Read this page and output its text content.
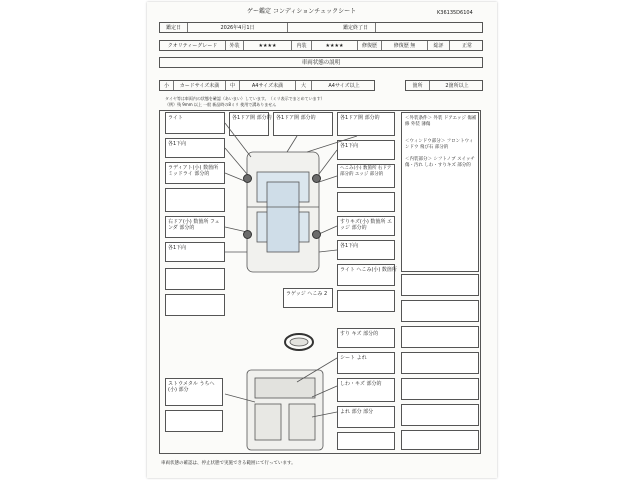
ゲー鑑定 コンディションチェックシート	K36135D6104
鑑定日	2026年4月1日	鑑定終了日
クオリティーグレード	外装	★★★★	内装	★★★★	修復歴	修復歴 無	総評	正常
車両状態の説明
小	カードサイズ未満	中	A4サイズ未満	大	A4サイズ以上	箇所	2箇所以上
タイヤ等は車両内の状態を確認（あいまい）しています。（ミリ表示でまとめています）
（例）残 9mm 以上 一般 新品時の8ミリ 使用で溝ありません
ライト
各1下向
ラディアト(小) 数箇所 ミッドライ 部分的
右ドア(小) 数箇所 フェンダ 部分的
各1下向
各1ドア開 部分的 各1ドア開 部分的	各1ドア開 部分的
各1下向
へこみ(小) 数箇所 右ドア 部分的 エッジ 部分的
すりキズ(小) 数箇所 エッジ 部分的
各1下向
ライト へこみ(小) 数箇所
ラゲッジ へこみ 2
＜外装条件＞ 外装 ドアエッジ 傷補修 外装 薄傷
＜ウィンドウ部分＞ フロントウィンドウ 飛び石 部分的
＜内装部分＞ シフトノブ スイッチ 傷・汚れ しわ・すりキズ 部分的
すり キズ 部分的
シート よれ
しわ・キズ 部分的
よれ 部分 部分
ストウメタル うちへ(小) 部分
車両状態の確認は、停止状態で実施できる範囲にて行っています。
